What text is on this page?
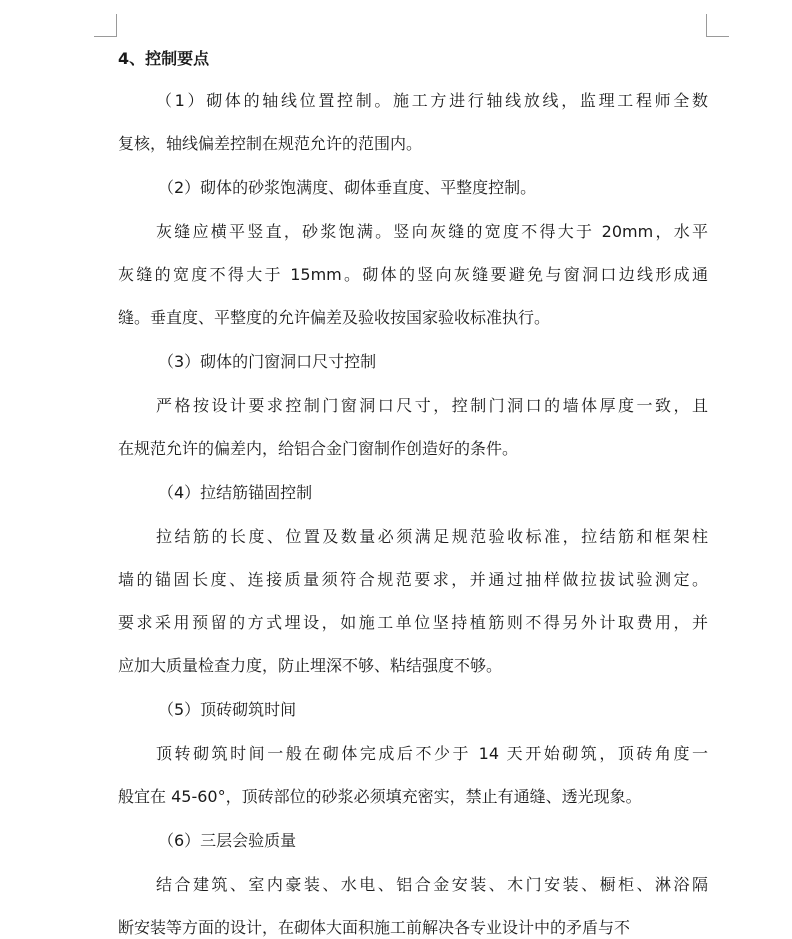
4、控制要点
（1）砌体的轴线位置控制。施工方进行轴线放线，监理工程师全数
复核，轴线偏差控制在规范允许的范围内。
（2）砌体的砂浆饱满度、砌体垂直度、平整度控制。
灰缝应横平竖直，砂浆饱满。竖向灰缝的宽度不得大于 20mm，水平
灰缝的宽度不得大于 15mm。砌体的竖向灰缝要避免与窗洞口边线形成通
缝。垂直度、平整度的允许偏差及验收按国家验收标准执行。
（3）砌体的门窗洞口尺寸控制
严格按设计要求控制门窗洞口尺寸，控制门洞口的墙体厚度一致，且
在规范允许的偏差内，给铝合金门窗制作创造好的条件。
（4）拉结筋锚固控制
拉结筋的长度、位置及数量必须满足规范验收标准，拉结筋和框架柱
墙的锚固长度、连接质量须符合规范要求，并通过抽样做拉拔试验测定。
要求采用预留的方式埋设，如施工单位坚持植筋则不得另外计取费用，并
应加大质量检查力度，防止埋深不够、粘结强度不够。
（5）顶砖砌筑时间
顶转砌筑时间一般在砌体完成后不少于 14 天开始砌筑，顶砖角度一
般宜在 45-60°，顶砖部位的砂浆必须填充密实，禁止有通缝、透光现象。
（6）三层会验质量
结合建筑、室内豪装、水电、铝合金安装、木门安装、橱柜、淋浴隔
断安装等方面的设计，在砌体大面积施工前解决各专业设计中的矛盾与不
